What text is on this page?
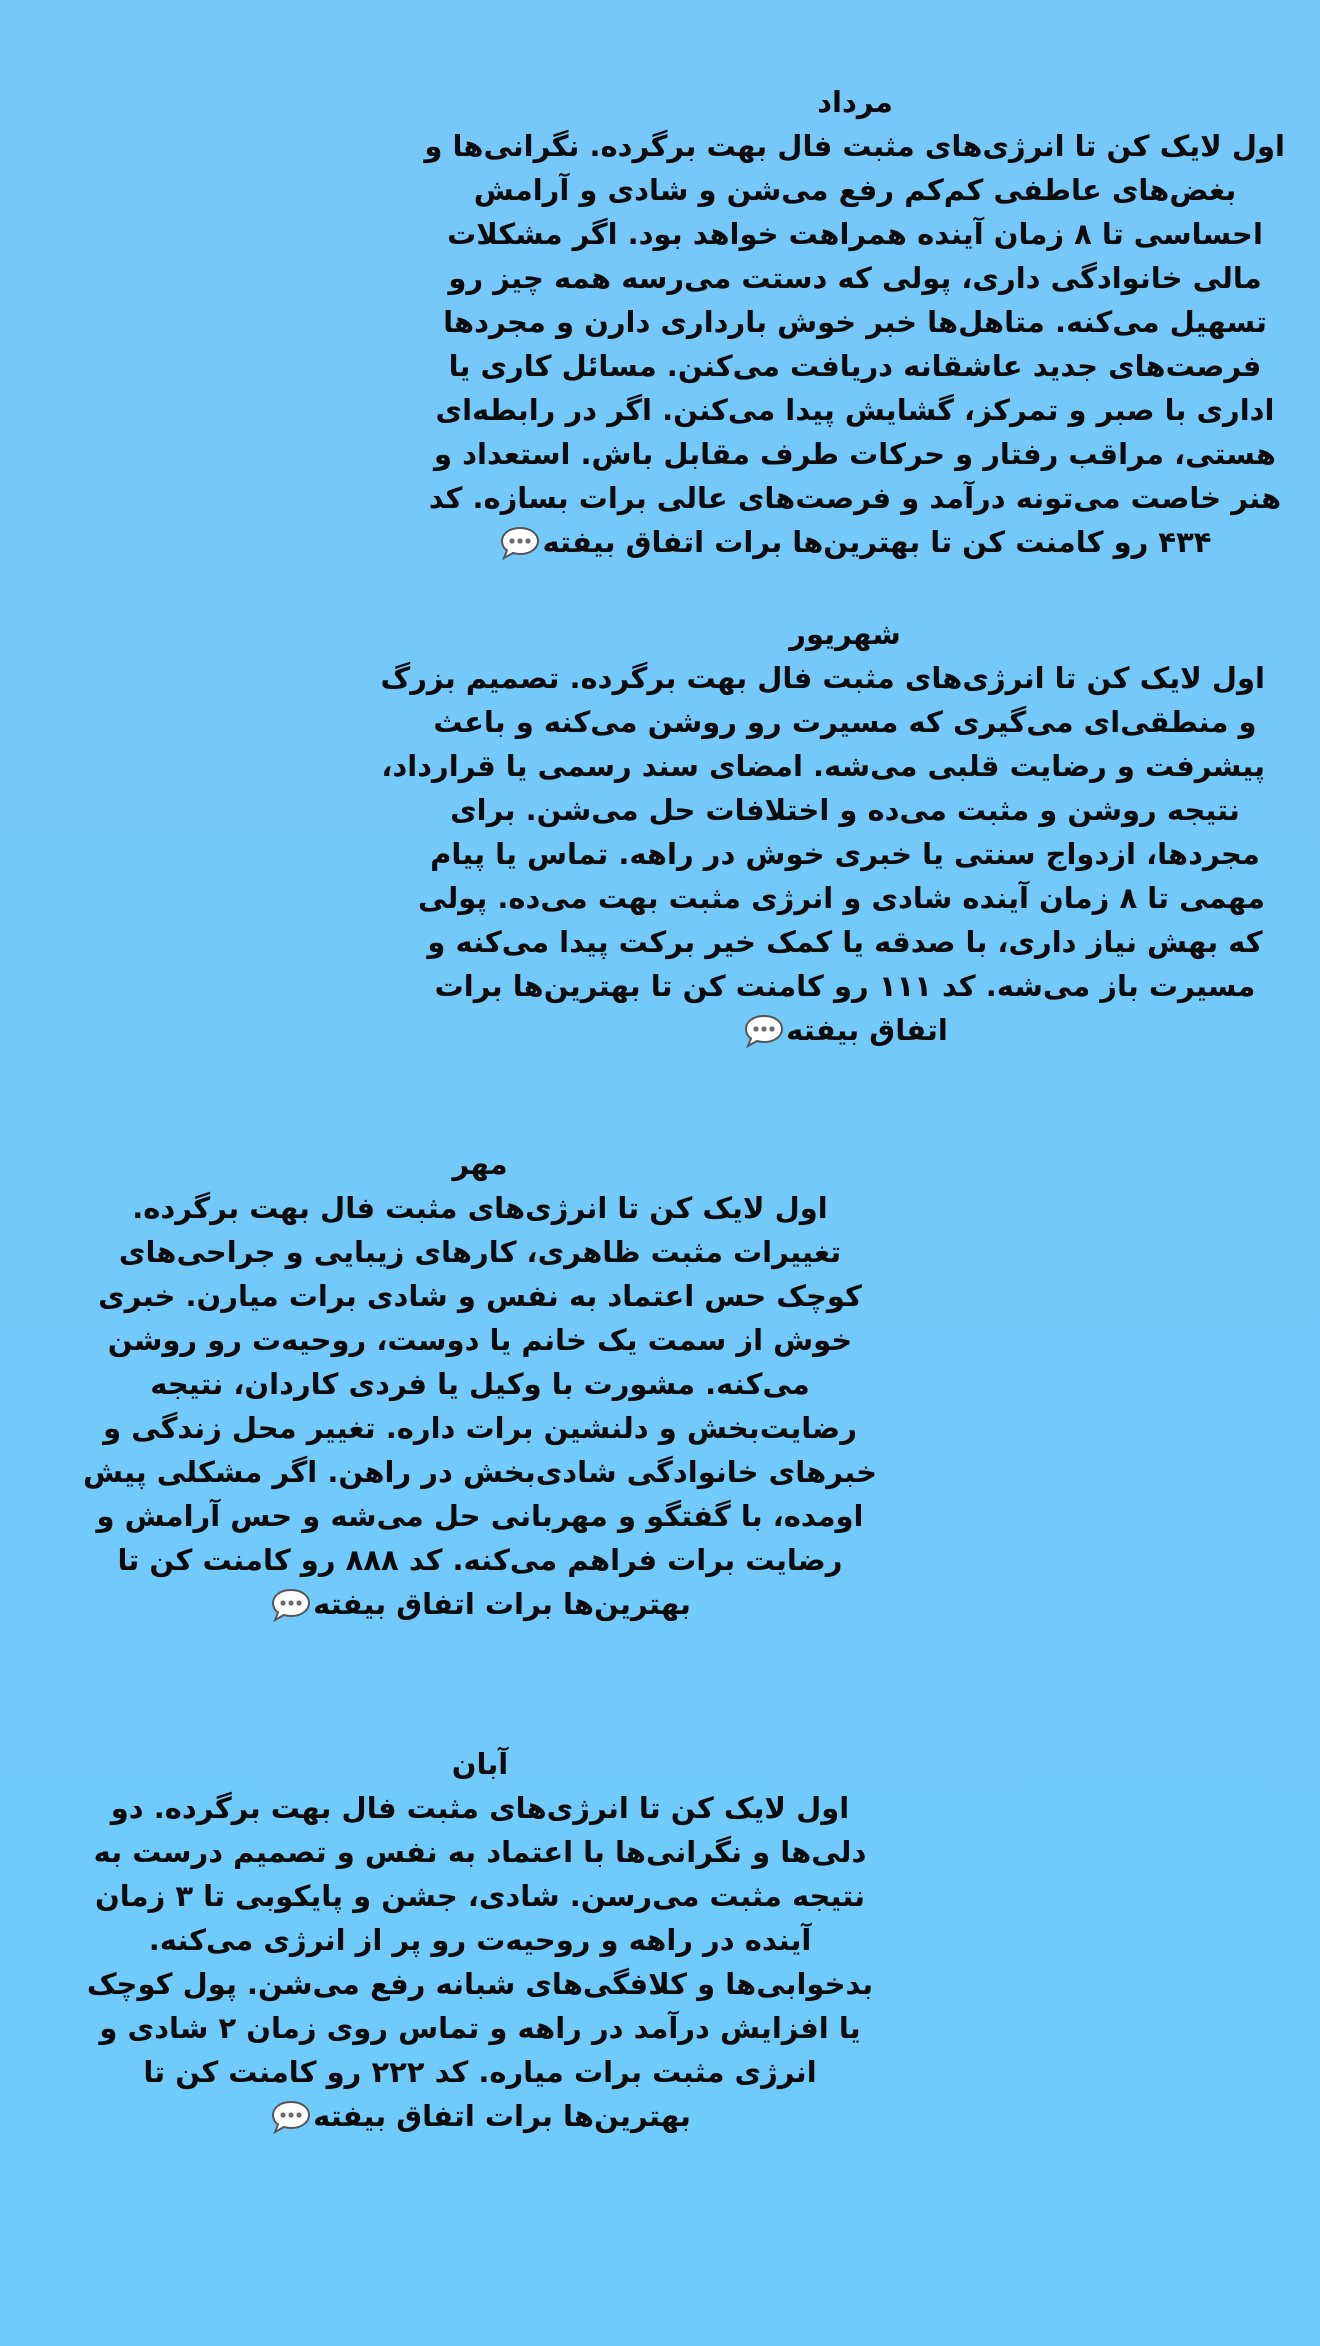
مرداد
اول لایک کن تا انرژی‌های مثبت فال بهت برگرده. نگرانی‌ها و
بغض‌های عاطفی کم‌کم رفع می‌شن و شادی و آرامش
احساسی تا ۸ زمان آینده همراهت خواهد بود. اگر مشکلات
مالی خانوادگی داری، پولی که دستت می‌رسه همه چیز رو
تسهیل می‌کنه. متاهل‌ها خبر خوش بارداری دارن و مجردها
فرصت‌های جدید عاشقانه دریافت می‌کنن. مسائل کاری یا
اداری با صبر و تمرکز، گشایش پیدا می‌کنن. اگر در رابطه‌ای
هستی، مراقب رفتار و حرکات طرف مقابل باش. استعداد و
هنر خاصت می‌تونه درآمد و فرصت‌های عالی برات بسازه. کد
۴۳۴ رو کامنت کن تا بهترین‌ها برات اتفاق بیفته
شهریور
اول لایک کن تا انرژی‌های مثبت فال بهت برگرده. تصمیم بزرگ
و منطقی‌ای می‌گیری که مسیرت رو روشن می‌کنه و باعث
پیشرفت و رضایت قلبی می‌شه. امضای سند رسمی یا قرارداد،
نتیجه روشن و مثبت می‌ده و اختلافات حل می‌شن. برای
مجردها، ازدواج سنتی یا خبری خوش در راهه. تماس یا پیام
مهمی تا ۸ زمان آینده شادی و انرژی مثبت بهت می‌ده. پولی
که بهش نیاز داری، با صدقه یا کمک خیر برکت پیدا می‌کنه و
مسیرت باز می‌شه. کد ۱۱۱ رو کامنت کن تا بهترین‌ها برات
اتفاق بیفته
مهر
اول لایک کن تا انرژی‌های مثبت فال بهت برگرده.
تغییرات مثبت ظاهری، کارهای زیبایی و جراحی‌های
کوچک حس اعتماد به نفس و شادی برات میارن. خبری
خوش از سمت یک خانم یا دوست، روحیه‌ت رو روشن
می‌کنه. مشورت با وکیل یا فردی کاردان، نتیجه
رضایت‌بخش و دلنشین برات داره. تغییر محل زندگی و
خبرهای خانوادگی شادی‌بخش در راهن. اگر مشکلی پیش
اومده، با گفتگو و مهربانی حل می‌شه و حس آرامش و
رضایت برات فراهم می‌کنه. کد ۸۸۸ رو کامنت کن تا
بهترین‌ها برات اتفاق بیفته
آبان
اول لایک کن تا انرژی‌های مثبت فال بهت برگرده. دو
دلی‌ها و نگرانی‌ها با اعتماد به نفس و تصمیم درست به
نتیجه مثبت می‌رسن. شادی، جشن و پایکوبی تا ۳ زمان
آینده در راهه و روحیه‌ت رو پر از انرژی می‌کنه.
بدخوابی‌ها و کلافگی‌های شبانه رفع می‌شن. پول کوچک
یا افزایش درآمد در راهه و تماس روی زمان ۲ شادی و
انرژی مثبت برات میاره. کد ۲۲۲ رو کامنت کن تا
بهترین‌ها برات اتفاق بیفته
